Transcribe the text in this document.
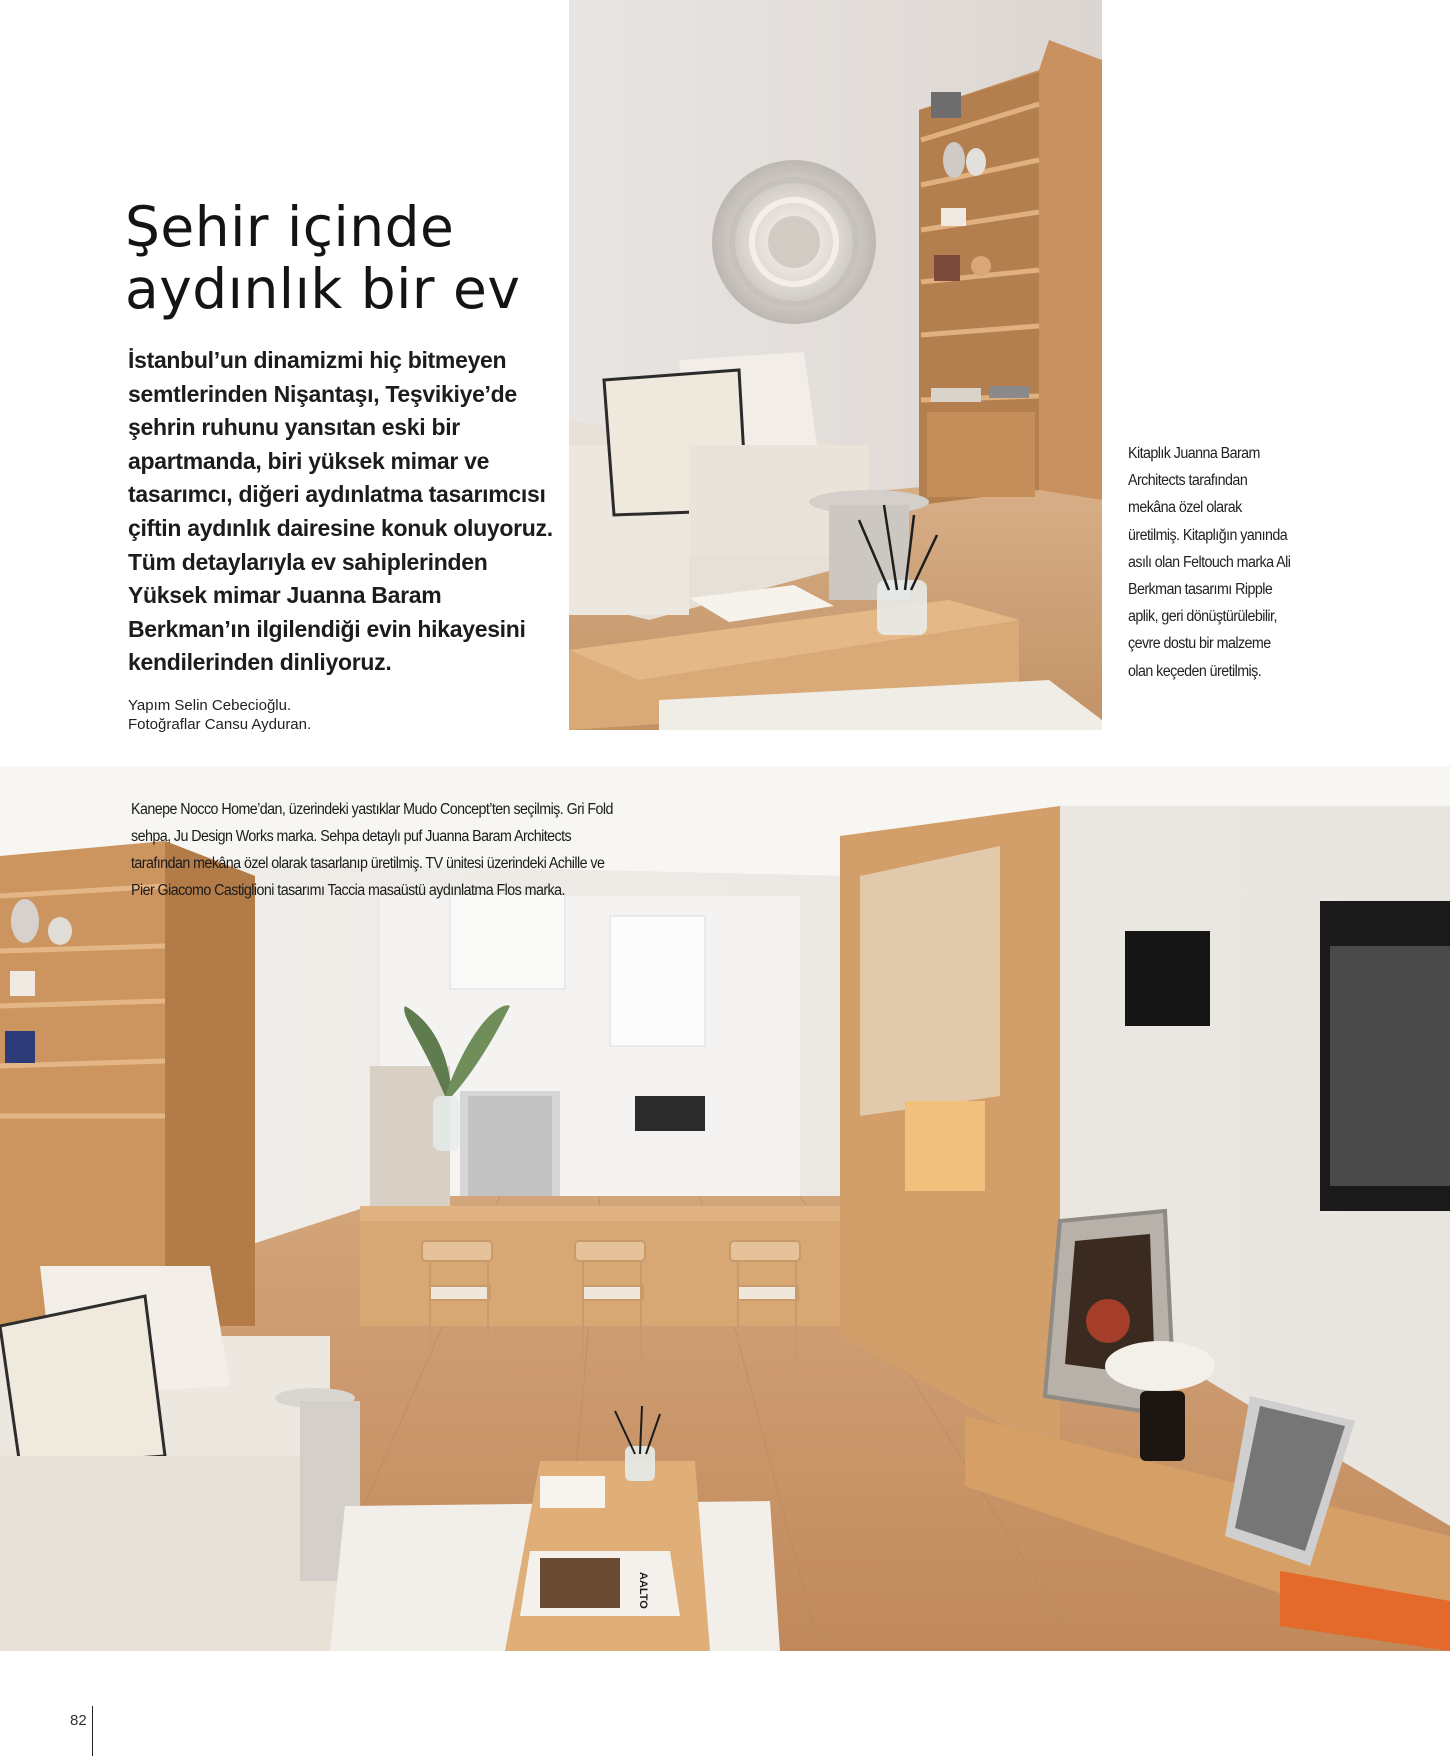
Şehir içinde
aydınlık bir ev

İstanbul’un dinamizmi hiç bitmeyen semtlerinden Nişantaşı, Teşvikiye’de şehrin ruhunu yansıtan eski bir apartmanda, biri yüksek mimar ve tasarımcı, diğeri aydınlatma tasarımcısı çiftin aydınlık dairesine konuk oluyoruz. Tüm detaylarıyla ev sahiplerinden Yüksek mimar Juanna Baram Berkman’ın ilgilendiği evin hikayesini kendilerinden dinliyoruz.

Yapım Selin Cebecioğlu.
Fotoğraflar Cansu Ayduran.
Kitaplık Juanna Baram Architects tarafından mekâna özel olarak üretilmiş. Kitaplığın yanında asılı olan Feltouch marka Ali Berkman tasarımı Ripple aplik, geri dönüştürülebilir, çevre dostu bir malzeme olan keçeden üretilmiş.
AALTO
Kanepe Nocco Home’dan, üzerindeki yastıklar Mudo Concept’ten seçilmiş. Gri Fold sehpa, Ju Design Works marka. Sehpa detaylı puf Juanna Baram Architects tarafından mekâna özel olarak tasarlanıp üretilmiş. TV ünitesi üzerindeki Achille ve Pier Giacomo Castiglioni tasarımı Taccia masaüstü aydınlatma Flos marka.
82
